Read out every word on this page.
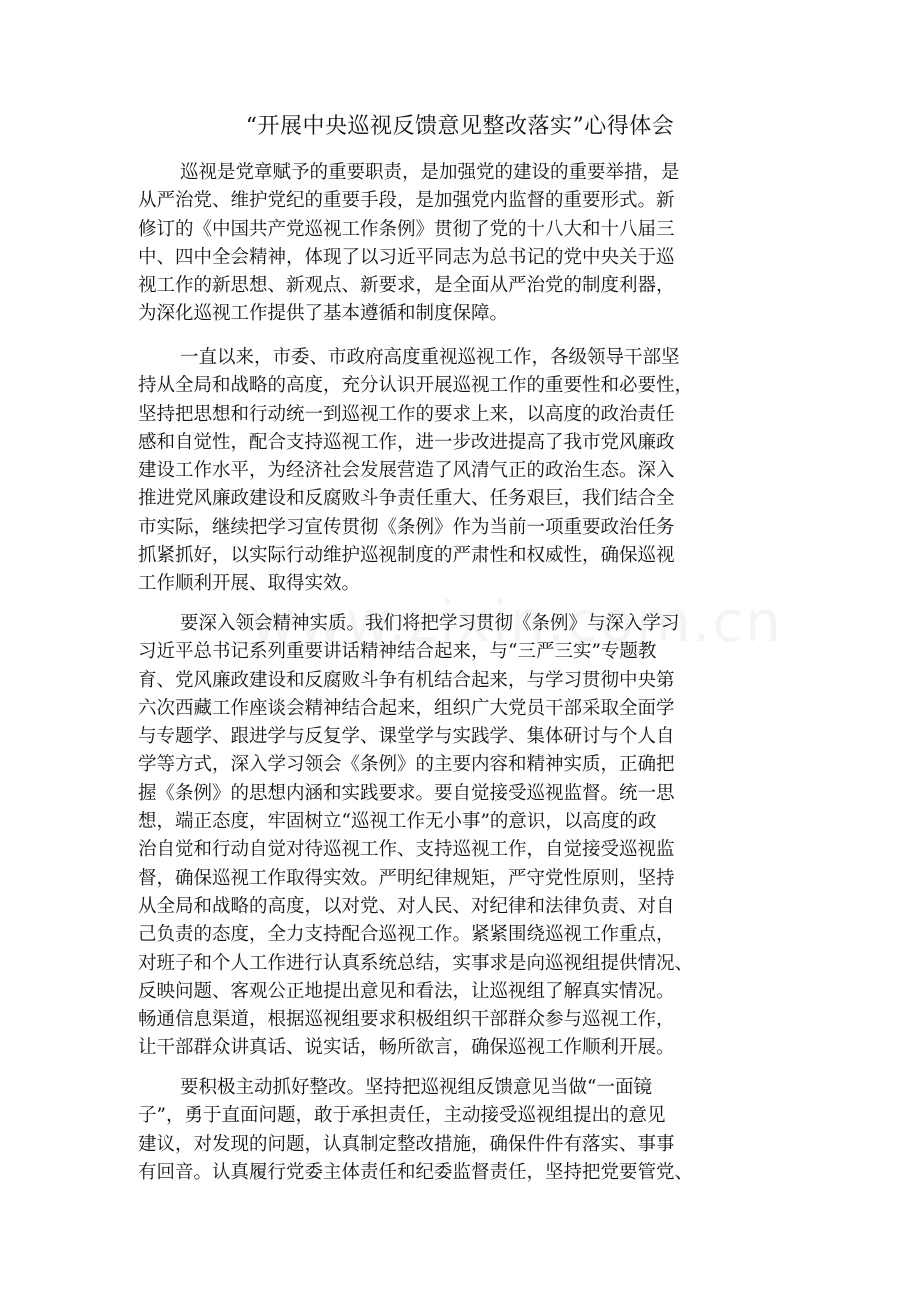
“开展中央巡视反馈意见整改落实”心得体会
巡视是党章赋予的重要职责，是加强党的建设的重要举措，是
从严治党、维护党纪的重要手段，是加强党内监督的重要形式。新
修订的《中国共产党巡视工作条例》贯彻了党的十八大和十八届三
中、四中全会精神，体现了以习近平同志为总书记的党中央关于巡
视工作的新思想、新观点、新要求，是全面从严治党的制度利器，
为深化巡视工作提供了基本遵循和制度保障。
一直以来，市委、市政府高度重视巡视工作，各级领导干部坚
持从全局和战略的高度，充分认识开展巡视工作的重要性和必要性，
坚持把思想和行动统一到巡视工作的要求上来，以高度的政治责任
感和自觉性，配合支持巡视工作，进一步改进提高了我市党风廉政
建设工作水平，为经济社会发展营造了风清气正的政治生态。深入
推进党风廉政建设和反腐败斗争责任重大、任务艰巨，我们结合全
市实际，继续把学习宣传贯彻《条例》作为当前一项重要政治任务
抓紧抓好，以实际行动维护巡视制度的严肃性和权威性，确保巡视
工作顺利开展、取得实效。
要深入领会精神实质。我们将把学习贯彻《条例》与深入学习
习近平总书记系列重要讲话精神结合起来，与“三严三实”专题教
育、党风廉政建设和反腐败斗争有机结合起来，与学习贯彻中央第
六次西藏工作座谈会精神结合起来，组织广大党员干部采取全面学
与专题学、跟进学与反复学、课堂学与实践学、集体研讨与个人自
学等方式，深入学习领会《条例》的主要内容和精神实质，正确把
握《条例》的思想内涵和实践要求。要自觉接受巡视监督。统一思
想，端正态度，牢固树立“巡视工作无小事”的意识，以高度的政
治自觉和行动自觉对待巡视工作、支持巡视工作，自觉接受巡视监
督，确保巡视工作取得实效。严明纪律规矩，严守党性原则，坚持
从全局和战略的高度，以对党、对人民、对纪律和法律负责、对自
己负责的态度，全力支持配合巡视工作。紧紧围绕巡视工作重点，
对班子和个人工作进行认真系统总结，实事求是向巡视组提供情况、
反映问题、客观公正地提出意见和看法，让巡视组了解真实情况。
畅通信息渠道，根据巡视组要求积极组织干部群众参与巡视工作，
让干部群众讲真话、说实话，畅所欲言，确保巡视工作顺利开展。
要积极主动抓好整改。坚持把巡视组反馈意见当做“一面镜
子”，勇于直面问题，敢于承担责任，主动接受巡视组提出的意见
建议，对发现的问题，认真制定整改措施，确保件件有落实、事事
有回音。认真履行党委主体责任和纪委监督责任，坚持把党要管党、
